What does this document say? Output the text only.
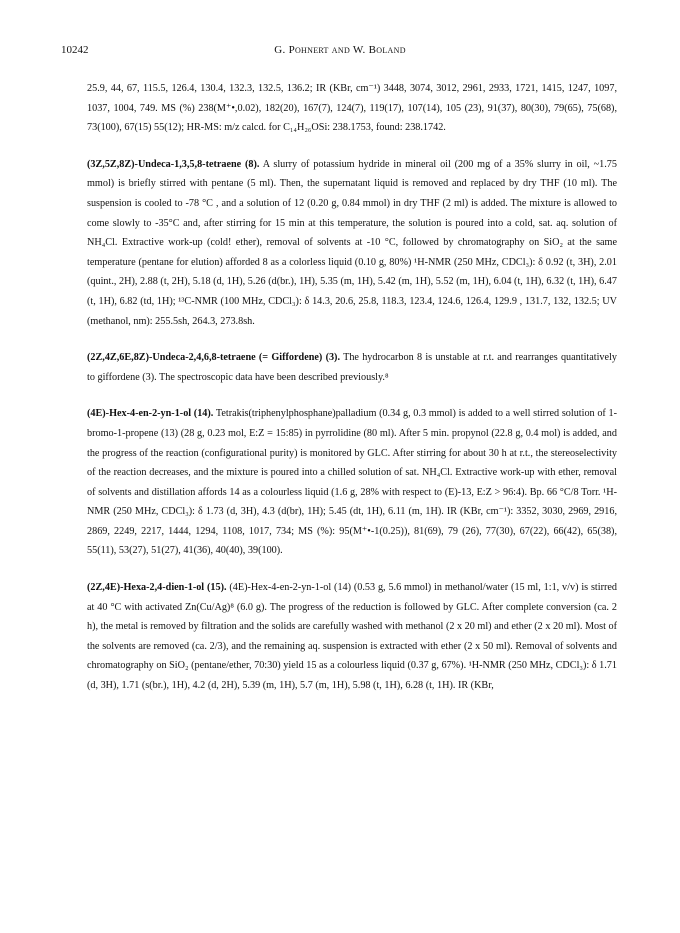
10242	G. Pohnert and W. Boland

25.9, 44, 67, 115.5, 126.4, 130.4, 132.3, 132.5, 136.2; IR (KBr, cm⁻¹) 3448, 3074, 3012, 2961, 2933, 1721, 1415, 1247, 1097, 1037, 1004, 749. MS (%) 238(M⁺•,0.02), 182(20), 167(7), 124(7), 119(17), 107(14), 105 (23), 91(37), 80(30), 79(65), 75(68), 73(100), 67(15) 55(12); HR-MS: m/z calcd. for C₁₄H₂₆OSi: 238.1753, found: 238.1742.

(3Z,5Z,8Z)-Undeca-1,3,5,8-tetraene (8). A slurry of potassium hydride in mineral oil (200 mg of a 35% slurry in oil, ~1.75 mmol) is briefly stirred with pentane (5 ml). Then, the supernatant liquid is removed and replaced by dry THF (10 ml). The suspension is cooled to -78 °C , and a solution of 12 (0.20 g, 0.84 mmol) in dry THF (2 ml) is added. The mixture is allowed to come slowly to -35°C and, after stirring for 15 min at this temperature, the solution is poured into a cold, sat. aq. solution of NH₄Cl. Extractive work-up (cold! ether), removal of solvents at -10 °C, followed by chromatography on SiO₂ at the same temperature (pentane for elution) afforded 8 as a colorless liquid (0.10 g, 80%) ¹H-NMR (250 MHz, CDCl₃): δ 0.92 (t, 3H), 2.01 (quint., 2H), 2.88 (t, 2H), 5.18 (d, 1H), 5.26 (d(br.), 1H), 5.35 (m, 1H), 5.42 (m, 1H), 5.52 (m, 1H), 6.04 (t, 1H), 6.32 (t, 1H), 6.47 (t, 1H), 6.82 (td, 1H); ¹³C-NMR (100 MHz, CDCl₃): δ 14.3, 20.6, 25.8, 118.3, 123.4, 124.6, 126.4, 129.9 , 131.7, 132, 132.5; UV (methanol, nm): 255.5sh, 264.3, 273.8sh.

(2Z,4Z,6E,8Z)-Undeca-2,4,6,8-tetraene (= Giffordene) (3). The hydrocarbon 8 is unstable at r.t. and rearranges quantitatively to giffordene (3). The spectroscopic data have been described previously.⁸

(4E)-Hex-4-en-2-yn-1-ol (14). Tetrakis(triphenylphosphane)palladium (0.34 g, 0.3 mmol) is added to a well stirred solution of 1-bromo-1-propene (13) (28 g, 0.23 mol, E:Z = 15:85) in pyrrolidine (80 ml). After 5 min. propynol (22.8 g, 0.4 mol) is added, and the progress of the reaction (configurational purity) is monitored by GLC. After stirring for about 30 h at r.t., the stereoselectivity of the reaction decreases, and the mixture is poured into a chilled solution of sat. NH₄Cl. Extractive work-up with ether, removal of solvents and distillation affords 14 as a colourless liquid (1.6 g, 28% with respect to (E)-13, E:Z > 96:4). Bp. 66 °C/8 Torr. ¹H-NMR (250 MHz, CDCl₃): δ 1.73 (d, 3H), 4.3 (d(br), 1H); 5.45 (dt, 1H), 6.11 (m, 1H). IR (KBr, cm⁻¹): 3352, 3030, 2969, 2916, 2869, 2249, 2217, 1444, 1294, 1108, 1017, 734; MS (%): 95(M⁺•-1(0.25)), 81(69), 79 (26), 77(30), 67(22), 66(42), 65(38), 55(11), 53(27), 51(27), 41(36), 40(40), 39(100).

(2Z,4E)-Hexa-2,4-dien-1-ol (15). (4E)-Hex-4-en-2-yn-1-ol (14) (0.53 g, 5.6 mmol) in methanol/water (15 ml, 1:1, v/v) is stirred at 40 °C with activated Zn(Cu/Ag)⁸ (6.0 g). The progress of the reduction is followed by GLC. After complete conversion (ca. 2 h), the metal is removed by filtration and the solids are carefully washed with methanol (2 x 20 ml) and ether (2 x 20 ml). Most of the solvents are removed (ca. 2/3), and the remaining aq. suspension is extracted with ether (2 x 50 ml). Removal of solvents and chromatography on SiO₂ (pentane/ether, 70:30) yield 15 as a colourless liquid (0.37 g, 67%). ¹H-NMR (250 MHz, CDCl₃): δ 1.71 (d, 3H), 1.71 (s(br.), 1H), 4.2 (d, 2H), 5.39 (m, 1H), 5.7 (m, 1H), 5.98 (t, 1H), 6.28 (t, 1H). IR (KBr,
